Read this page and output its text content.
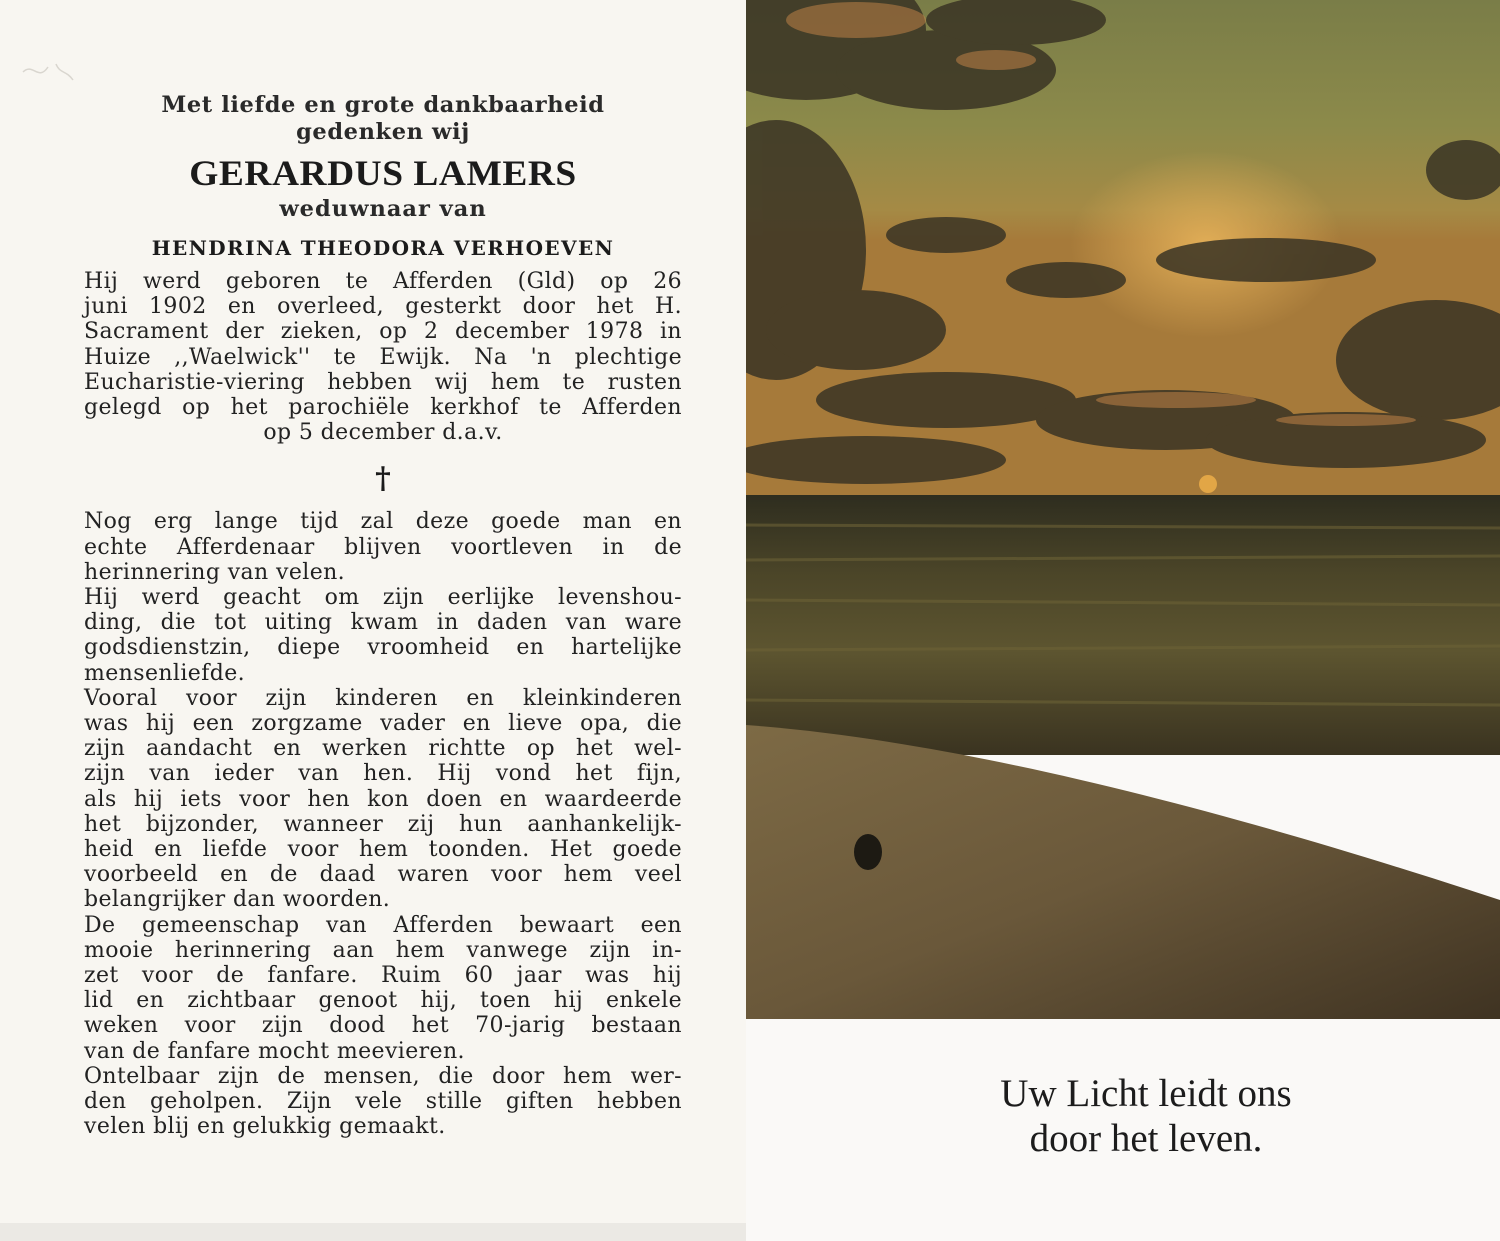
Met liefde en grote dankbaarheid
gedenken wij
GERARDUS LAMERS
weduwnaar van
HENDRINA THEODORA VERHOEVEN
Hij werd geboren te Afferden (Gld) op 26
juni 1902 en overleed, gesterkt door het H.
Sacrament der zieken, op 2 december 1978 in
Huize ,,Waelwick'' te Ewijk. Na 'n plechtige
Eucharistie-viering hebben wij hem te rusten
gelegd op het parochiële kerkhof te Afferden
op 5 december d.a.v.
†
Nog erg lange tijd zal deze goede man en
echte Afferdenaar blijven voortleven in de
herinnering van velen.
Hij werd geacht om zijn eerlijke levenshou-
ding, die tot uiting kwam in daden van ware
godsdienstzin, diepe vroomheid en hartelijke
mensenliefde.
Vooral voor zijn kinderen en kleinkinderen
was hij een zorgzame vader en lieve opa, die
zijn aandacht en werken richtte op het wel-
zijn van ieder van hen. Hij vond het fijn,
als hij iets voor hen kon doen en waardeerde
het bijzonder, wanneer zij hun aanhankelijk-
heid en liefde voor hem toonden. Het goede
voorbeeld en de daad waren voor hem veel
belangrijker dan woorden.
De gemeenschap van Afferden bewaart een
mooie herinnering aan hem vanwege zijn in-
zet voor de fanfare. Ruim 60 jaar was hij
lid en zichtbaar genoot hij, toen hij enkele
weken voor zijn dood het 70-jarig bestaan
van de fanfare mocht meevieren.
Ontelbaar zijn de mensen, die door hem wer-
den geholpen. Zijn vele stille giften hebben
velen blij en gelukkig gemaakt.
Uw Licht leidt ons
door het leven.
